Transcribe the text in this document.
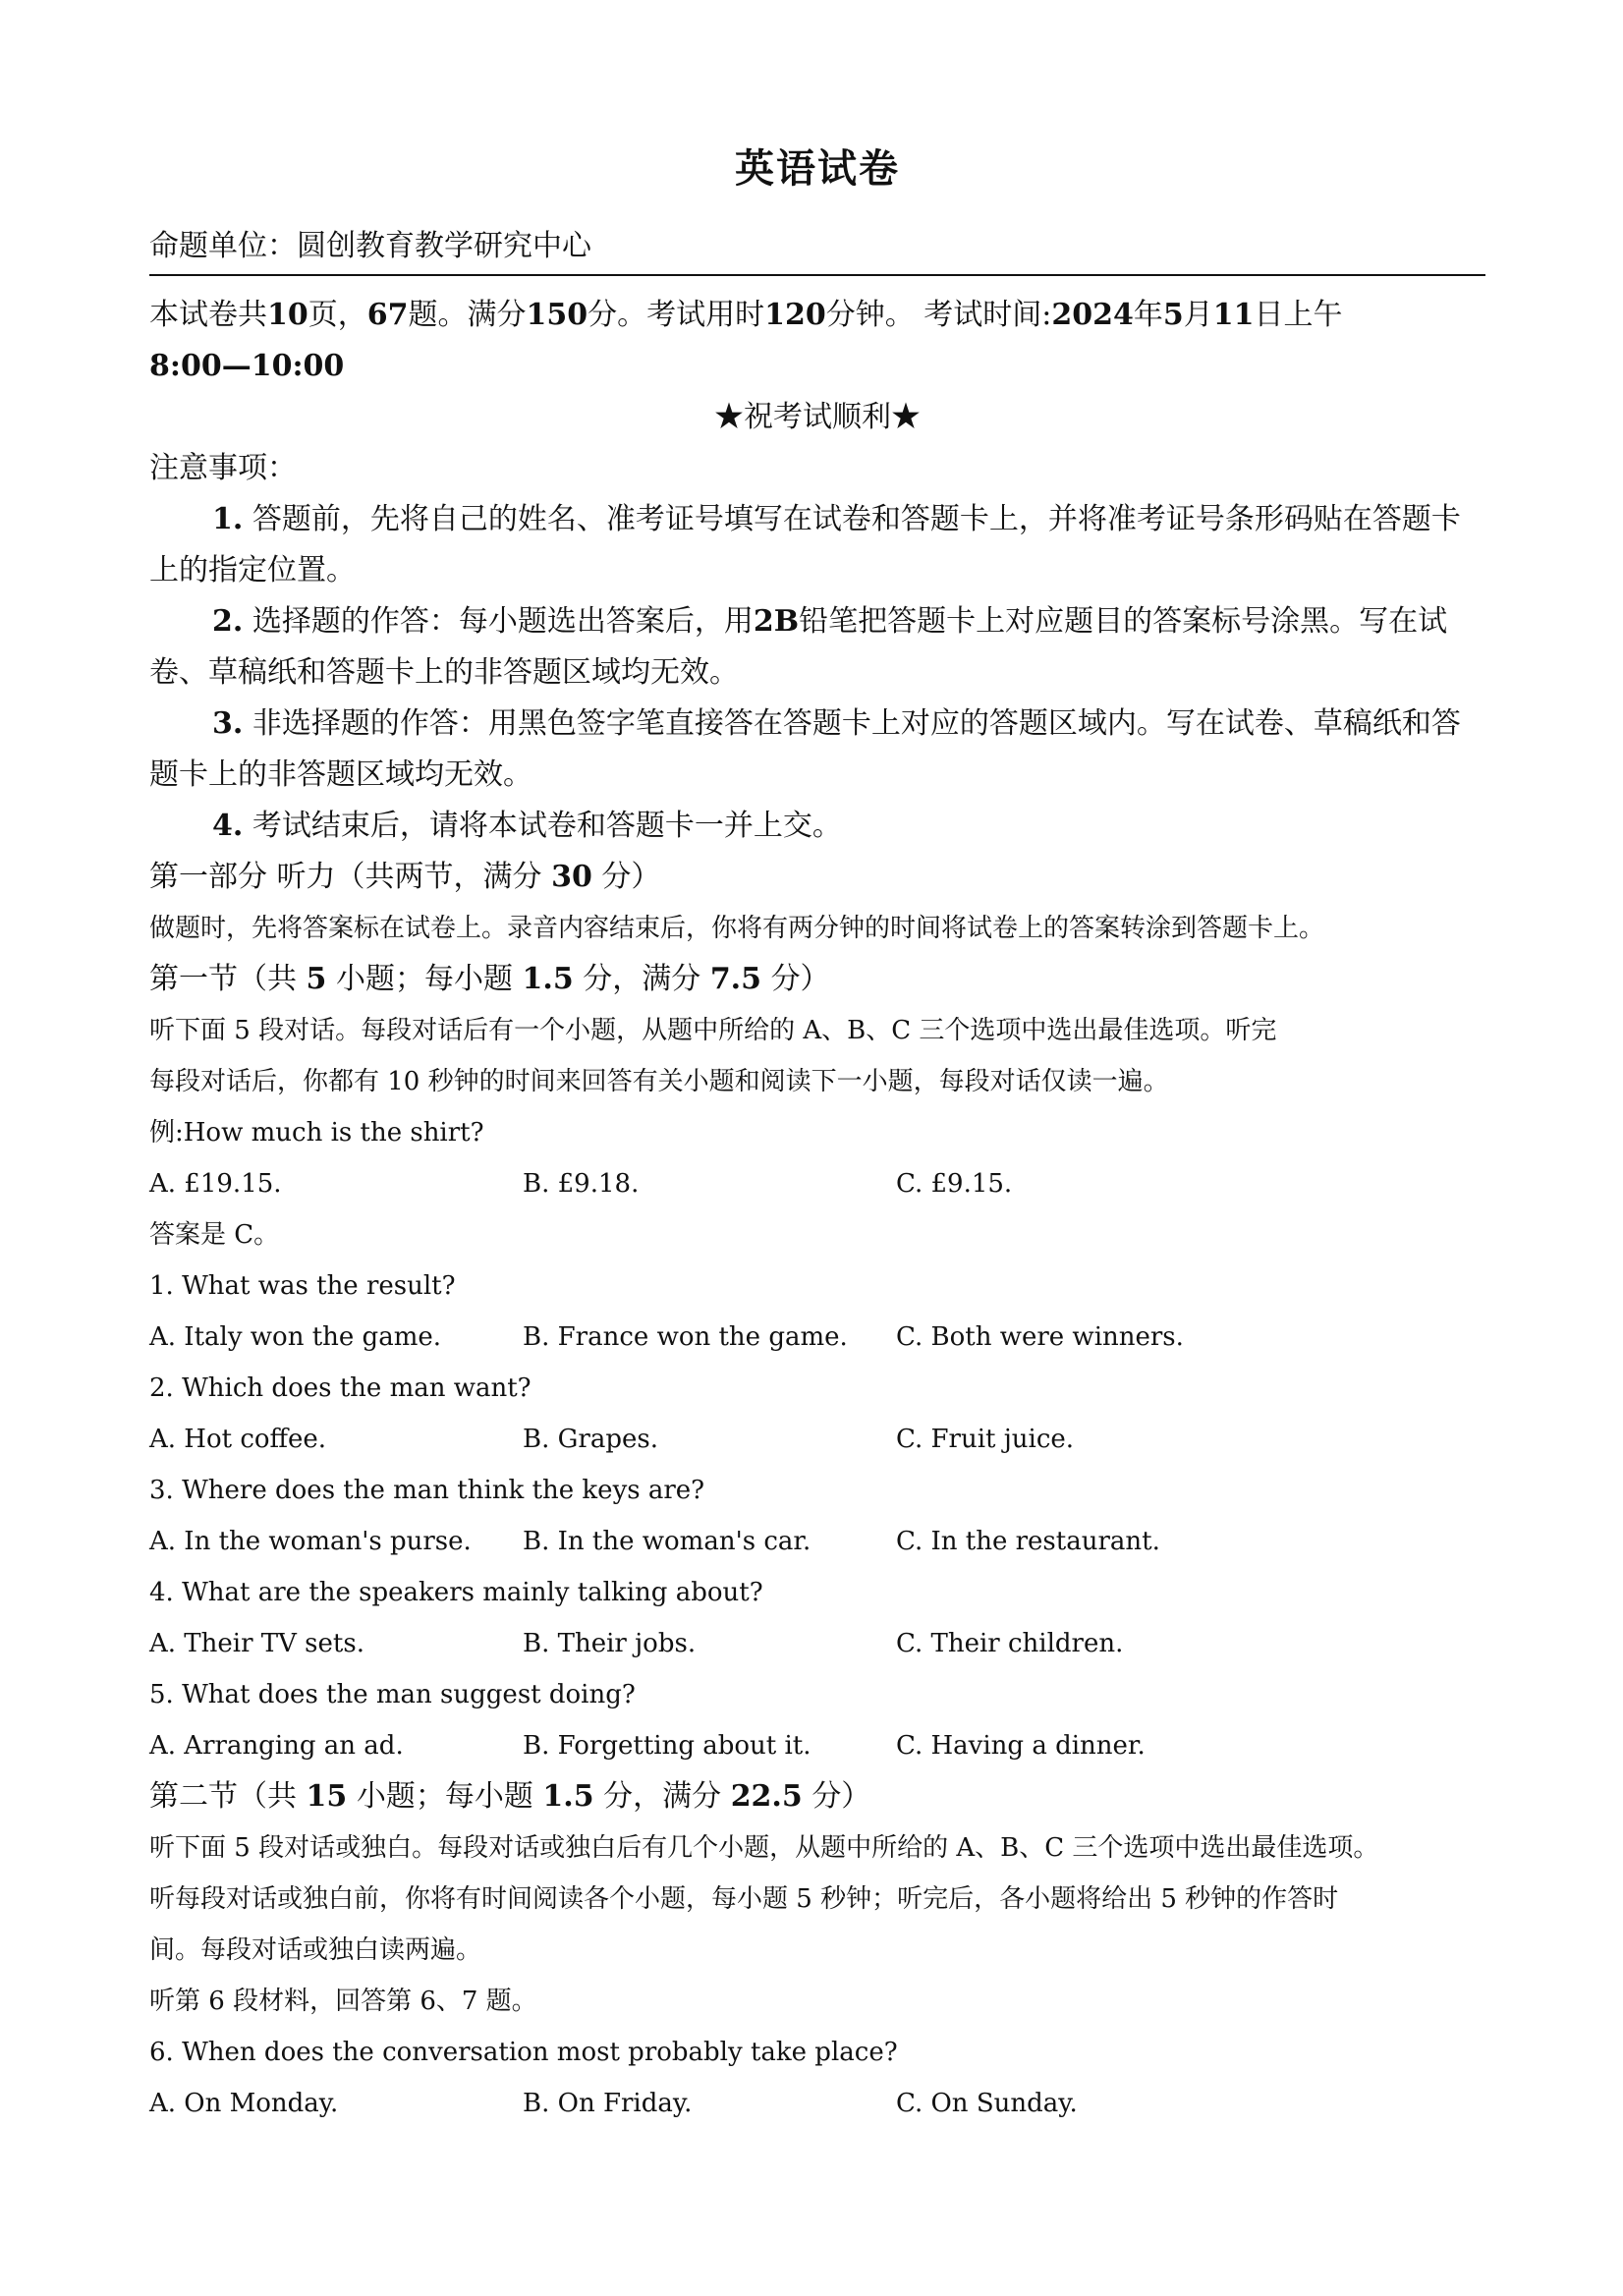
英语试卷

命题单位：圆创教育教学研究中心

本试卷共10页，67题。满分150分。考试用时120分钟。 考试时间:2024年5月11日上午
8:00—10:00

★祝考试顺利★

注意事项：

1. 答题前，先将自己的姓名、准考证号填写在试卷和答题卡上，并将准考证号条形码贴在答题卡上的指定位置。

2. 选择题的作答：每小题选出答案后，用2B铅笔把答题卡上对应题目的答案标号涂黑。写在试卷、草稿纸和答题卡上的非答题区域均无效。

3. 非选择题的作答：用黑色签字笔直接答在答题卡上对应的答题区域内。写在试卷、草稿纸和答题卡上的非答题区域均无效。

4. 考试结束后，请将本试卷和答题卡一并上交。

第一部分 听力（共两节，满分 30 分）

做题时，先将答案标在试卷上。录音内容结束后，你将有两分钟的时间将试卷上的答案转涂到答题卡上。

第一节（共 5 小题；每小题 1.5 分，满分 7.5 分）

听下面 5 段对话。每段对话后有一个小题，从题中所给的 A、B、C 三个选项中选出最佳选项。听完

每段对话后，你都有 10 秒钟的时间来回答有关小题和阅读下一小题，每段对话仅读一遍。

例:How much is the shirt?

A. £19.15.	B. £9.18.	C. £9.15.

答案是 C。

1. What was the result?

A. Italy won the game.	B. France won the game.	C. Both were winners.

2. Which does the man want?

A. Hot coffee.	B. Grapes.	C. Fruit juice.

3. Where does the man think the keys are?

A. In the woman's purse.	B. In the woman's car.	C. In the restaurant.

4. What are the speakers mainly talking about?

A. Their TV sets.	B. Their jobs.	C. Their children.

5. What does the man suggest doing?

A. Arranging an ad.	B. Forgetting about it.	C. Having a dinner.

第二节（共 15 小题；每小题 1.5 分，满分 22.5 分）

听下面 5 段对话或独白。每段对话或独白后有几个小题，从题中所给的 A、B、C 三个选项中选出最佳选项。

听每段对话或独白前，你将有时间阅读各个小题，每小题 5 秒钟；听完后，各小题将给出 5 秒钟的作答时

间。每段对话或独白读两遍。

听第 6 段材料，回答第 6、7 题。

6. When does the conversation most probably take place?

A. On Monday.	B. On Friday.	C. On Sunday.
